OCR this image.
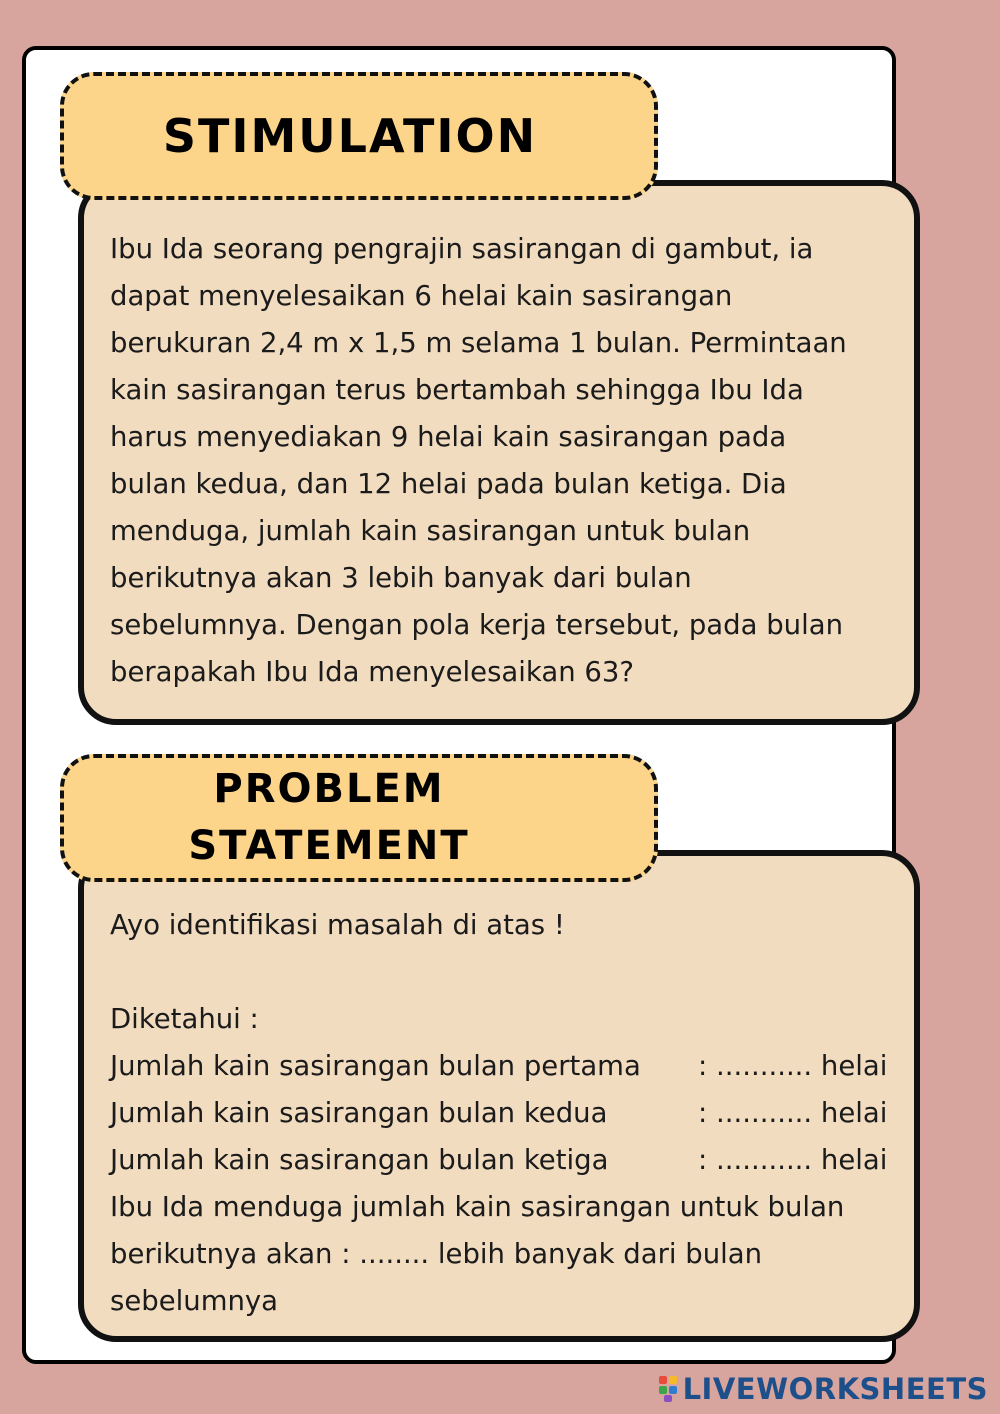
STIMULATION
Ibu Ida seorang pengrajin sasirangan di gambut, ia
dapat menyelesaikan 6 helai kain sasirangan
berukuran 2,4 m x 1,5 m selama 1 bulan. Permintaan
kain sasirangan terus bertambah sehingga Ibu Ida
harus menyediakan 9 helai kain sasirangan pada
bulan kedua, dan 12 helai pada bulan ketiga. Dia
menduga, jumlah kain sasirangan untuk bulan
berikutnya akan 3 lebih banyak dari bulan
sebelumnya. Dengan pola kerja tersebut, pada bulan
berapakah Ibu Ida menyelesaikan 63?
PROBLEM
STATEMENT
Ayo identifikasi masalah di atas !
Diketahui :
Jumlah kain sasirangan bulan pertama	: ........... helai
Jumlah kain sasirangan bulan kedua	: ........... helai
Jumlah kain sasirangan bulan ketiga	: ........... helai
Ibu Ida menduga jumlah kain sasirangan untuk bulan
berikutnya akan : ........ lebih banyak dari bulan
sebelumnya
LIVEWORKSHEETS
